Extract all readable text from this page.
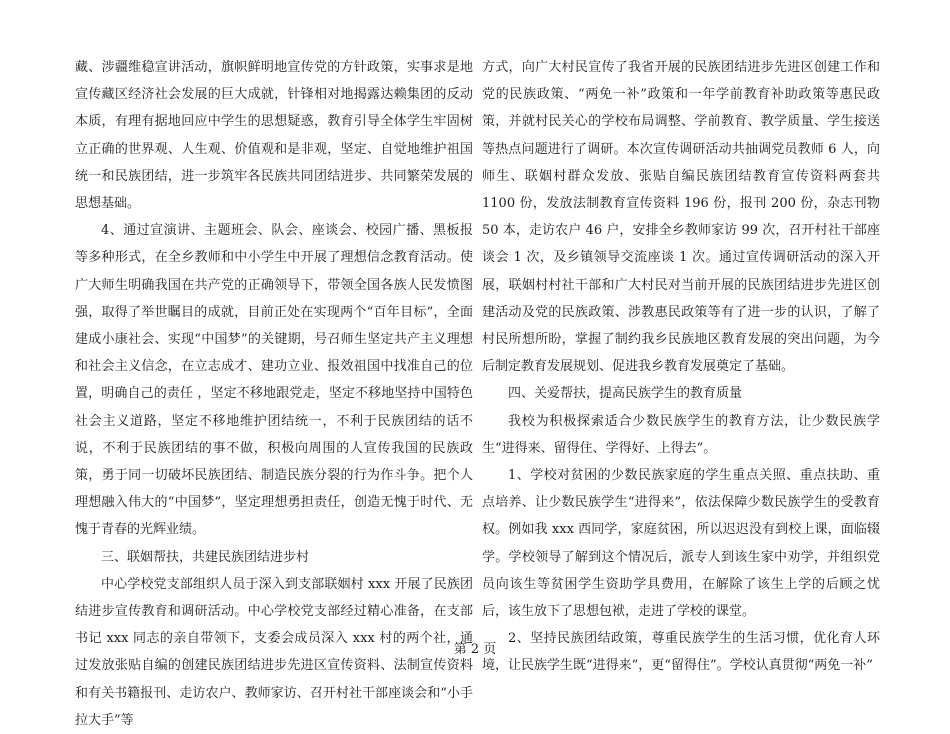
藏、涉疆维稳宣讲活动，旗帜鲜明地宣传党的方针政策，实事求是地宣传藏区经济社会发展的巨大成就，针锋相对地揭露达赖集团的反动本质，有理有据地回应中学生的思想疑惑，教育引导全体学生牢固树立正确的世界观、人生观、价值观和是非观，坚定、自觉地维护祖国统一和民族团结，进一步筑牢各民族共同团结进步、共同繁荣发展的思想基础。

4、通过宣演讲、主题班会、队会、座谈会、校园广播、黑板报等多种形式，在全乡教师和中小学生中开展了理想信念教育活动。使广大师生明确我国在共产党的正确领导下，带领全国各族人民发愤图强，取得了举世瞩目的成就，目前正处在实现两个“百年目标”，全面建成小康社会、实现“中国梦”的关键期，号召师生坚定共产主义理想和社会主义信念，在立志成才、建功立业、报效祖国中找准自己的位置，明确自己的责任 ，坚定不移地跟党走，坚定不移地坚持中国特色社会主义道路，坚定不移地维护团结统一，不利于民族团结的话不说，不利于民族团结的事不做，积极向周围的人宣传我国的民族政策，勇于同一切破坏民族团结、制造民族分裂的行为作斗争。把个人理想融入伟大的“中国梦”，坚定理想勇担责任，创造无愧于时代、无愧于青春的光辉业绩。

三、联姻帮扶，共建民族团结进步村

中心学校党支部组织人员于深入到支部联姻村 xxx 开展了民族团结进步宣传教育和调研活动。中心学校党支部经过精心准备，在支部书记 xxx 同志的亲自带领下，支委会成员深入 xxx 村的两个社，通过发放张贴自编的创建民族团结进步先进区宣传资料、法制宣传资料和有关书籍报刊、走访农户、教师家访、召开村社干部座谈会和“小手拉大手”等

方式，向广大村民宣传了我省开展的民族团结进步先进区创建工作和党的民族政策、“两免一补”政策和一年学前教育补助政策等惠民政策，并就村民关心的学校布局调整、学前教育、教学质量、学生接送等热点问题进行了调研。本次宣传调研活动共抽调党员教师 6 人，向师生、联姻村群众发放、张贴自编民族团结教育宣传资料两套共 1100 份，发放法制教育宣传资料 196 份，报刊 200 份，杂志刊物 50 本，走访农户 46 户，安排全乡教师家访 99 次，召开村社干部座谈会 1 次，及乡镇领导交流座谈 1 次。通过宣传调研活动的深入开展，联姻村村社干部和广大村民对当前开展的民族团结进步先进区创建活动及党的民族政策、涉教惠民政策等有了进一步的认识，了解了村民所想所盼，掌握了制约我乡民族地区教育发展的突出问题，为今后制定教育发展规划、促进我乡教育发展奠定了基础。

四、关爱帮扶，提高民族学生的教育质量

我校为积极探索适合少数民族学生的教育方法，让少数民族学生“进得来、留得住、学得好、上得去”。

1、学校对贫困的少数民族家庭的学生重点关照、重点扶助、重点培养、让少数民族学生“进得来”，依法保障少数民族学生的受教育权。例如我 xxx 西同学，家庭贫困，所以迟迟没有到校上课，面临辍学。学校领导了解到这个情况后，派专人到该生家中劝学，并组织党员向该生等贫困学生资助学具费用，在解除了该生上学的后顾之忧后，该生放下了思想包袱，走进了学校的课堂。

2、坚持民族团结政策，尊重民族学生的生活习惯，优化育人环境，让民族学生既“进得来”，更“留得住”。学校认真贯彻“两免一补”

第 2 页
